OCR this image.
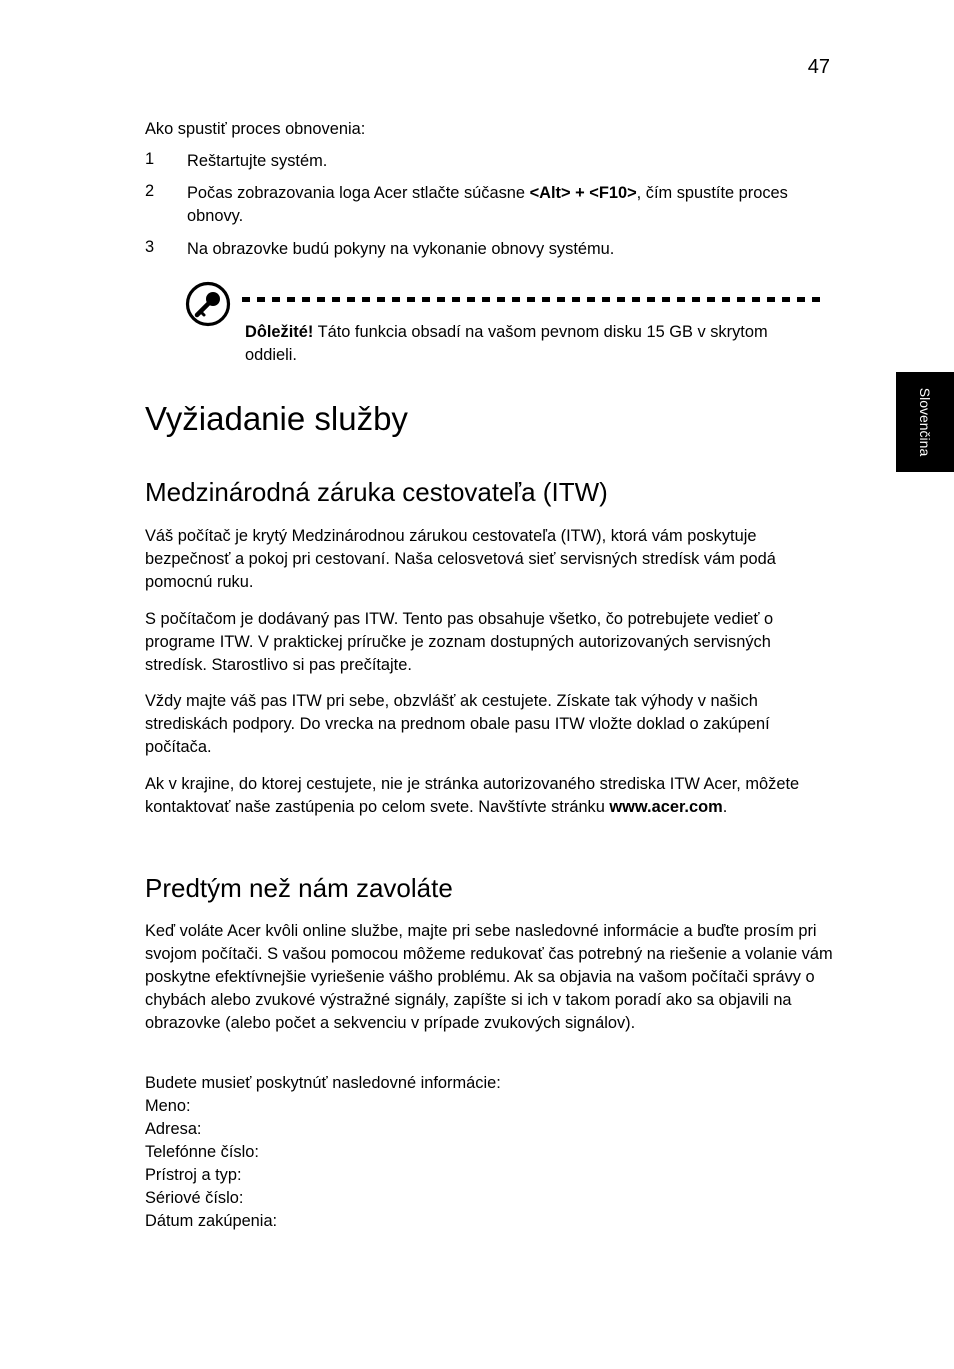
47
Slovenčina
Ako spustiť proces obnovenia:
1 Reštartujte systém.
2 Počas zobrazovania loga Acer stlačte súčasne <Alt> + <F10>, čím spustíte proces obnovy.
3 Na obrazovke budú pokyny na vykonanie obnovy systému.
Dôležité! Táto funkcia obsadí na vašom pevnom disku 15 GB v skrytom oddieli.
Vyžiadanie služby
Medzinárodná záruka cestovateľa (ITW)
Váš počítač je krytý Medzinárodnou zárukou cestovateľa (ITW), ktorá vám poskytuje bezpečnosť a pokoj pri cestovaní. Naša celosvetová sieť servisných stredísk vám podá pomocnú ruku.
S počítačom je dodávaný pas ITW. Tento pas obsahuje všetko, čo potrebujete vedieť o programe ITW. V praktickej príručke je zoznam dostupných autorizovaných servisných stredísk. Starostlivo si pas prečítajte.
Vždy majte váš pas ITW pri sebe, obzvlášť ak cestujete. Získate tak výhody v našich strediskách podpory. Do vrecka na prednom obale pasu ITW vložte doklad o zakúpení počítača.
Ak v krajine, do ktorej cestujete, nie je stránka autorizovaného strediska ITW Acer, môžete kontaktovať naše zastúpenia po celom svete. Navštívte stránku www.acer.com.
Predtým než nám zavoláte
Keď voláte Acer kvôli online službe, majte pri sebe nasledovné informácie a buďte prosím pri svojom počítači. S vašou pomocou môžeme redukovať čas potrebný na riešenie a volanie vám poskytne efektívnejšie vyriešenie vášho problému. Ak sa objavia na vašom počítači správy o chybách alebo zvukové výstražné signály, zapíšte si ich v takom poradí ako sa objavili na obrazovke (alebo počet a sekvenciu v prípade zvukových signálov).
Budete musieť poskytnúť nasledovné informácie:
Meno:
Adresa:
Telefónne číslo:
Prístroj a typ:
Sériové číslo:
Dátum zakúpenia:
